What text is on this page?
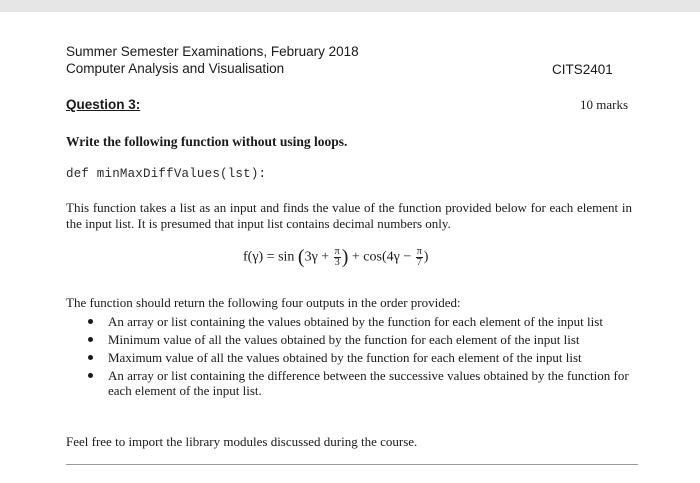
Summer Semester Examinations, February 2018
Computer Analysis and Visualisation	CITS2401
Question 3:	10 marks
Write the following function without using loops.
def minMaxDiffValues(lst):
This function takes a list as an input and finds the value of the function provided below for each element in the input list. It is presumed that input list contains decimal numbers only.
$f(\gamma) = \sin (3\gamma + \frac{\pi}{3}$ ) + $\cos(4\gamma - \frac{\pi}{7}$ )
The function should return the following four outputs in the order provided:
An array or list containing the values obtained by the function for each element of the input list
Minimum value of all the values obtained by the function for each element of the input list
Maximum value of all the values obtained by the function for each element of the input list
An array or list containing the difference between the successive values obtained by the function for each element of the input list.
Feel free to import the library modules discussed during the course.
